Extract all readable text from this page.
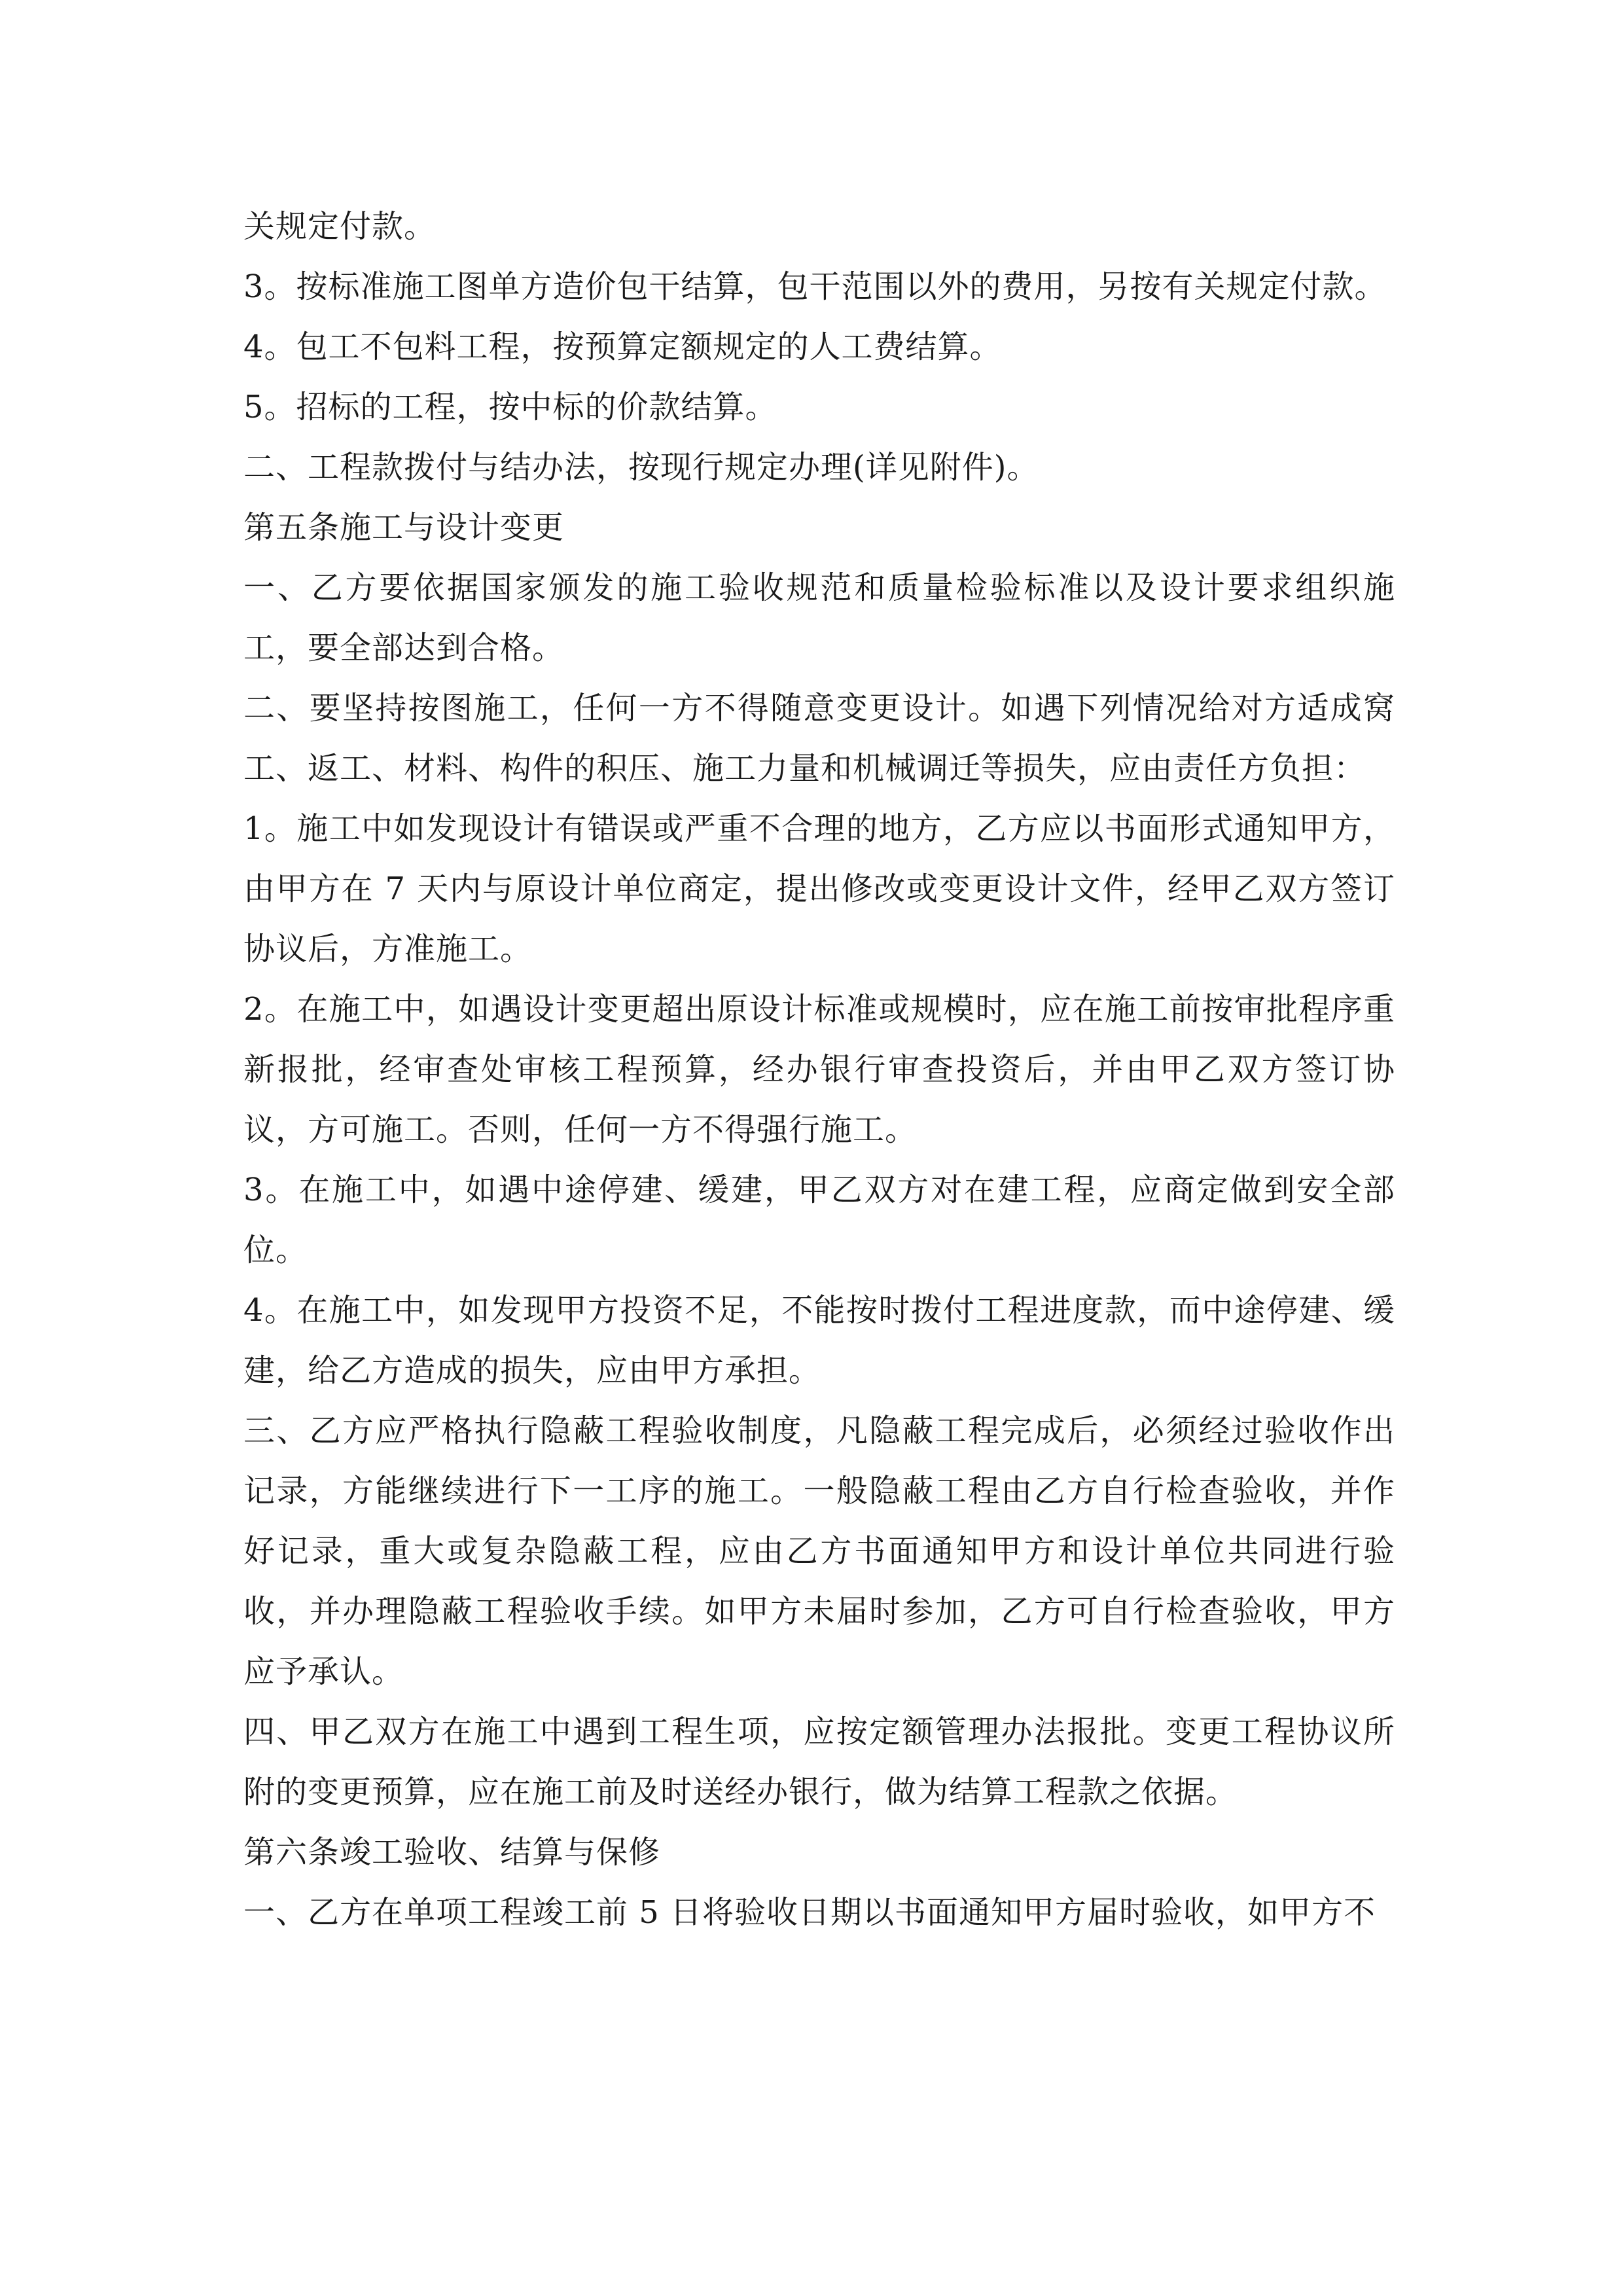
关规定付款。

3。按标准施工图单方造价包干结算，包干范围以外的费用，另按有关规定付款。

4。包工不包料工程，按预算定额规定的人工费结算。

5。招标的工程，按中标的价款结算。

二、工程款拨付与结办法，按现行规定办理(详见附件)。

第五条施工与设计变更

一、乙方要依据国家颁发的施工验收规范和质量检验标准以及设计要求组织施工，要全部达到合格。

二、要坚持按图施工，任何一方不得随意变更设计。如遇下列情况给对方适成窝工、返工、材料、构件的积压、施工力量和机械调迁等损失，应由责任方负担：

1。施工中如发现设计有错误或严重不合理的地方，乙方应以书面形式通知甲方，由甲方在 7 天内与原设计单位商定，提出修改或变更设计文件，经甲乙双方签订协议后，方准施工。

2。在施工中，如遇设计变更超出原设计标准或规模时，应在施工前按审批程序重新报批，经审查处审核工程预算，经办银行审查投资后，并由甲乙双方签订协议，方可施工。否则，任何一方不得强行施工。

3。在施工中，如遇中途停建、缓建，甲乙双方对在建工程，应商定做到安全部位。

4。在施工中，如发现甲方投资不足，不能按时拨付工程进度款，而中途停建、缓建，给乙方造成的损失，应由甲方承担。

三、乙方应严格执行隐蔽工程验收制度，凡隐蔽工程完成后，必须经过验收作出记录，方能继续进行下一工序的施工。一般隐蔽工程由乙方自行检查验收，并作好记录，重大或复杂隐蔽工程，应由乙方书面通知甲方和设计单位共同进行验收，并办理隐蔽工程验收手续。如甲方未届时参加，乙方可自行检查验收，甲方应予承认。

四、甲乙双方在施工中遇到工程生项，应按定额管理办法报批。变更工程协议所附的变更预算，应在施工前及时送经办银行，做为结算工程款之依据。

第六条竣工验收、结算与保修

一、乙方在单项工程竣工前 5 日将验收日期以书面通知甲方届时验收，如甲方不
